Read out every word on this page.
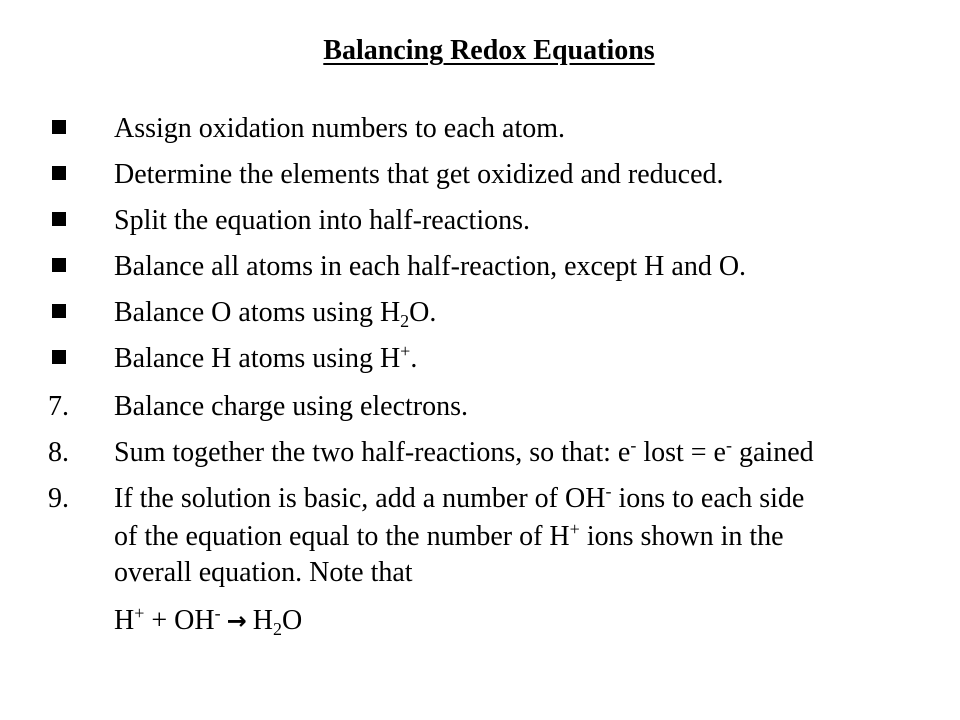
Balancing Redox Equations
Assign oxidation numbers to each atom.
Determine the elements that get oxidized and reduced.
Split the equation into half-reactions.
Balance all atoms in each half-reaction, except H and O.
Balance O atoms using $H_2O$.
Balance H atoms using H+.
7.	Balance charge using electrons.
8.	Sum together the two half-reactions, so that: e- lost = e- gained
9.	If the solution is basic, add a number of OH- ions to each side
of the equation equal to the number of H+ ions shown in the
overall equation. Note that
$H^+ + OH^- \to H_2O$
